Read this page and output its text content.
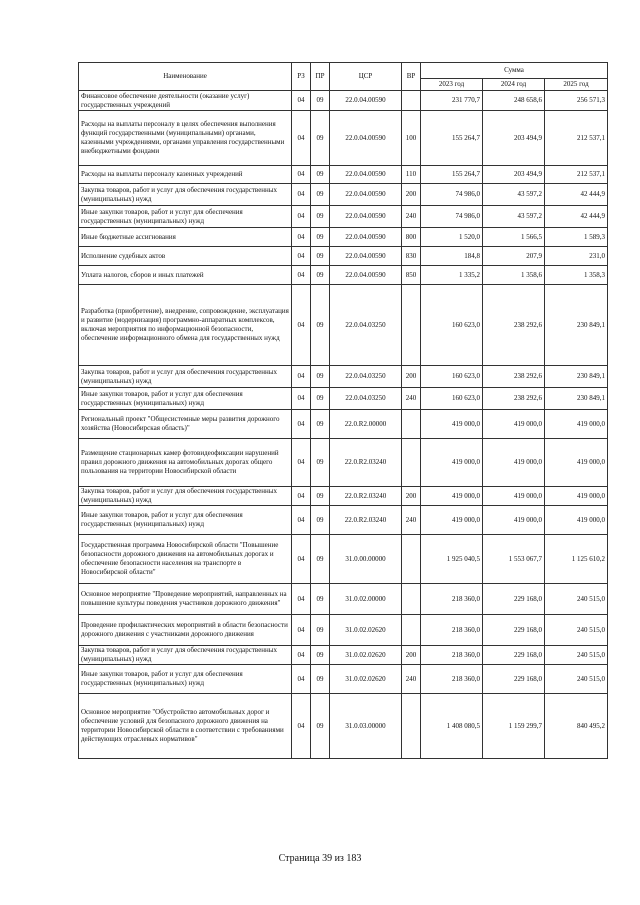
Наименование	РЗ	ПР	ЦСР	ВР	Сумма		
					2023 год	2024 год	2025 год
Финансовое обеспечение деятельности (оказание услуг) государственных учреждений	04	09	22.0.04.00590		231 770,7	248 658,6	256 571,3
Расходы на выплаты персоналу в целях обеспечения выполнения функций государственными (муниципальными) органами, казенными учреждениями, органами управления государственными внебюджетными фондами	04	09	22.0.04.00590	100	155 264,7	203 494,9	212 537,1
Расходы на выплаты персоналу казенных учреждений	04	09	22.0.04.00590	110	155 264,7	203 494,9	212 537,1
Закупка товаров, работ и услуг для обеспечения государственных (муниципальных) нужд	04	09	22.0.04.00590	200	74 986,0	43 597,2	42 444,9
Иные закупки товаров, работ и услуг для обеспечения государственных (муниципальных) нужд	04	09	22.0.04.00590	240	74 986,0	43 597,2	42 444,9
Иные бюджетные ассигнования	04	09	22.0.04.00590	800	1 520,0	1 566,5	1 589,3
Исполнение судебных актов	04	09	22.0.04.00590	830	184,8	207,9	231,0
Уплата налогов, сборов и иных платежей	04	09	22.0.04.00590	850	1 335,2	1 358,6	1 358,3
Разработка (приобретение), внедрение, сопровождение, эксплуатация и развитие (модернизация) программно-аппаратных комплексов, включая мероприятия по информационной безопасности, обеспечение информационного обмена для государственных нужд	04	09	22.0.04.03250		160 623,0	238 292,6	230 849,1
Закупка товаров, работ и услуг для обеспечения государственных (муниципальных) нужд	04	09	22.0.04.03250	200	160 623,0	238 292,6	230 849,1
Иные закупки товаров, работ и услуг для обеспечения государственных (муниципальных) нужд	04	09	22.0.04.03250	240	160 623,0	238 292,6	230 849,1
Региональный проект "Общесистемные меры развития дорожного хозяйства (Новосибирская область)"	04	09	22.0.R2.00000		419 000,0	419 000,0	419 000,0
Размещение стационарных камер фотовидеофиксации нарушений правил дорожного движения на автомобильных дорогах общего пользования на территории Новосибирской области	04	09	22.0.R2.03240		419 000,0	419 000,0	419 000,0
Закупка товаров, работ и услуг для обеспечения государственных (муниципальных) нужд	04	09	22.0.R2.03240	200	419 000,0	419 000,0	419 000,0
Иные закупки товаров, работ и услуг для обеспечения государственных (муниципальных) нужд	04	09	22.0.R2.03240	240	419 000,0	419 000,0	419 000,0
Государственная программа Новосибирской области "Повышение безопасности дорожного движения на автомобильных дорогах и обеспечение безопасности населения на транспорте в Новосибирской области"	04	09	31.0.00.00000		1 925 040,5	1 553 067,7	1 125 610,2
Основное мероприятие "Проведение мероприятий, направленных на повышение культуры поведения участников дорожного движения"	04	09	31.0.02.00000		218 360,0	229 168,0	240 515,0
Проведение профилактических мероприятий в области безопасности дорожного движения с участниками дорожного движения	04	09	31.0.02.02620		218 360,0	229 168,0	240 515,0
Закупка товаров, работ и услуг для обеспечения государственных (муниципальных) нужд	04	09	31.0.02.02620	200	218 360,0	229 168,0	240 515,0
Иные закупки товаров, работ и услуг для обеспечения государственных (муниципальных) нужд	04	09	31.0.02.02620	240	218 360,0	229 168,0	240 515,0
Основное мероприятие "Обустройство автомобильных дорог и обеспечение условий для безопасного дорожного движения на территории Новосибирской области в соответствии с требованиями действующих отраслевых нормативов"	04	09	31.0.03.00000		1 408 080,5	1 159 299,7	840 495,2
Страница 39 из 183
